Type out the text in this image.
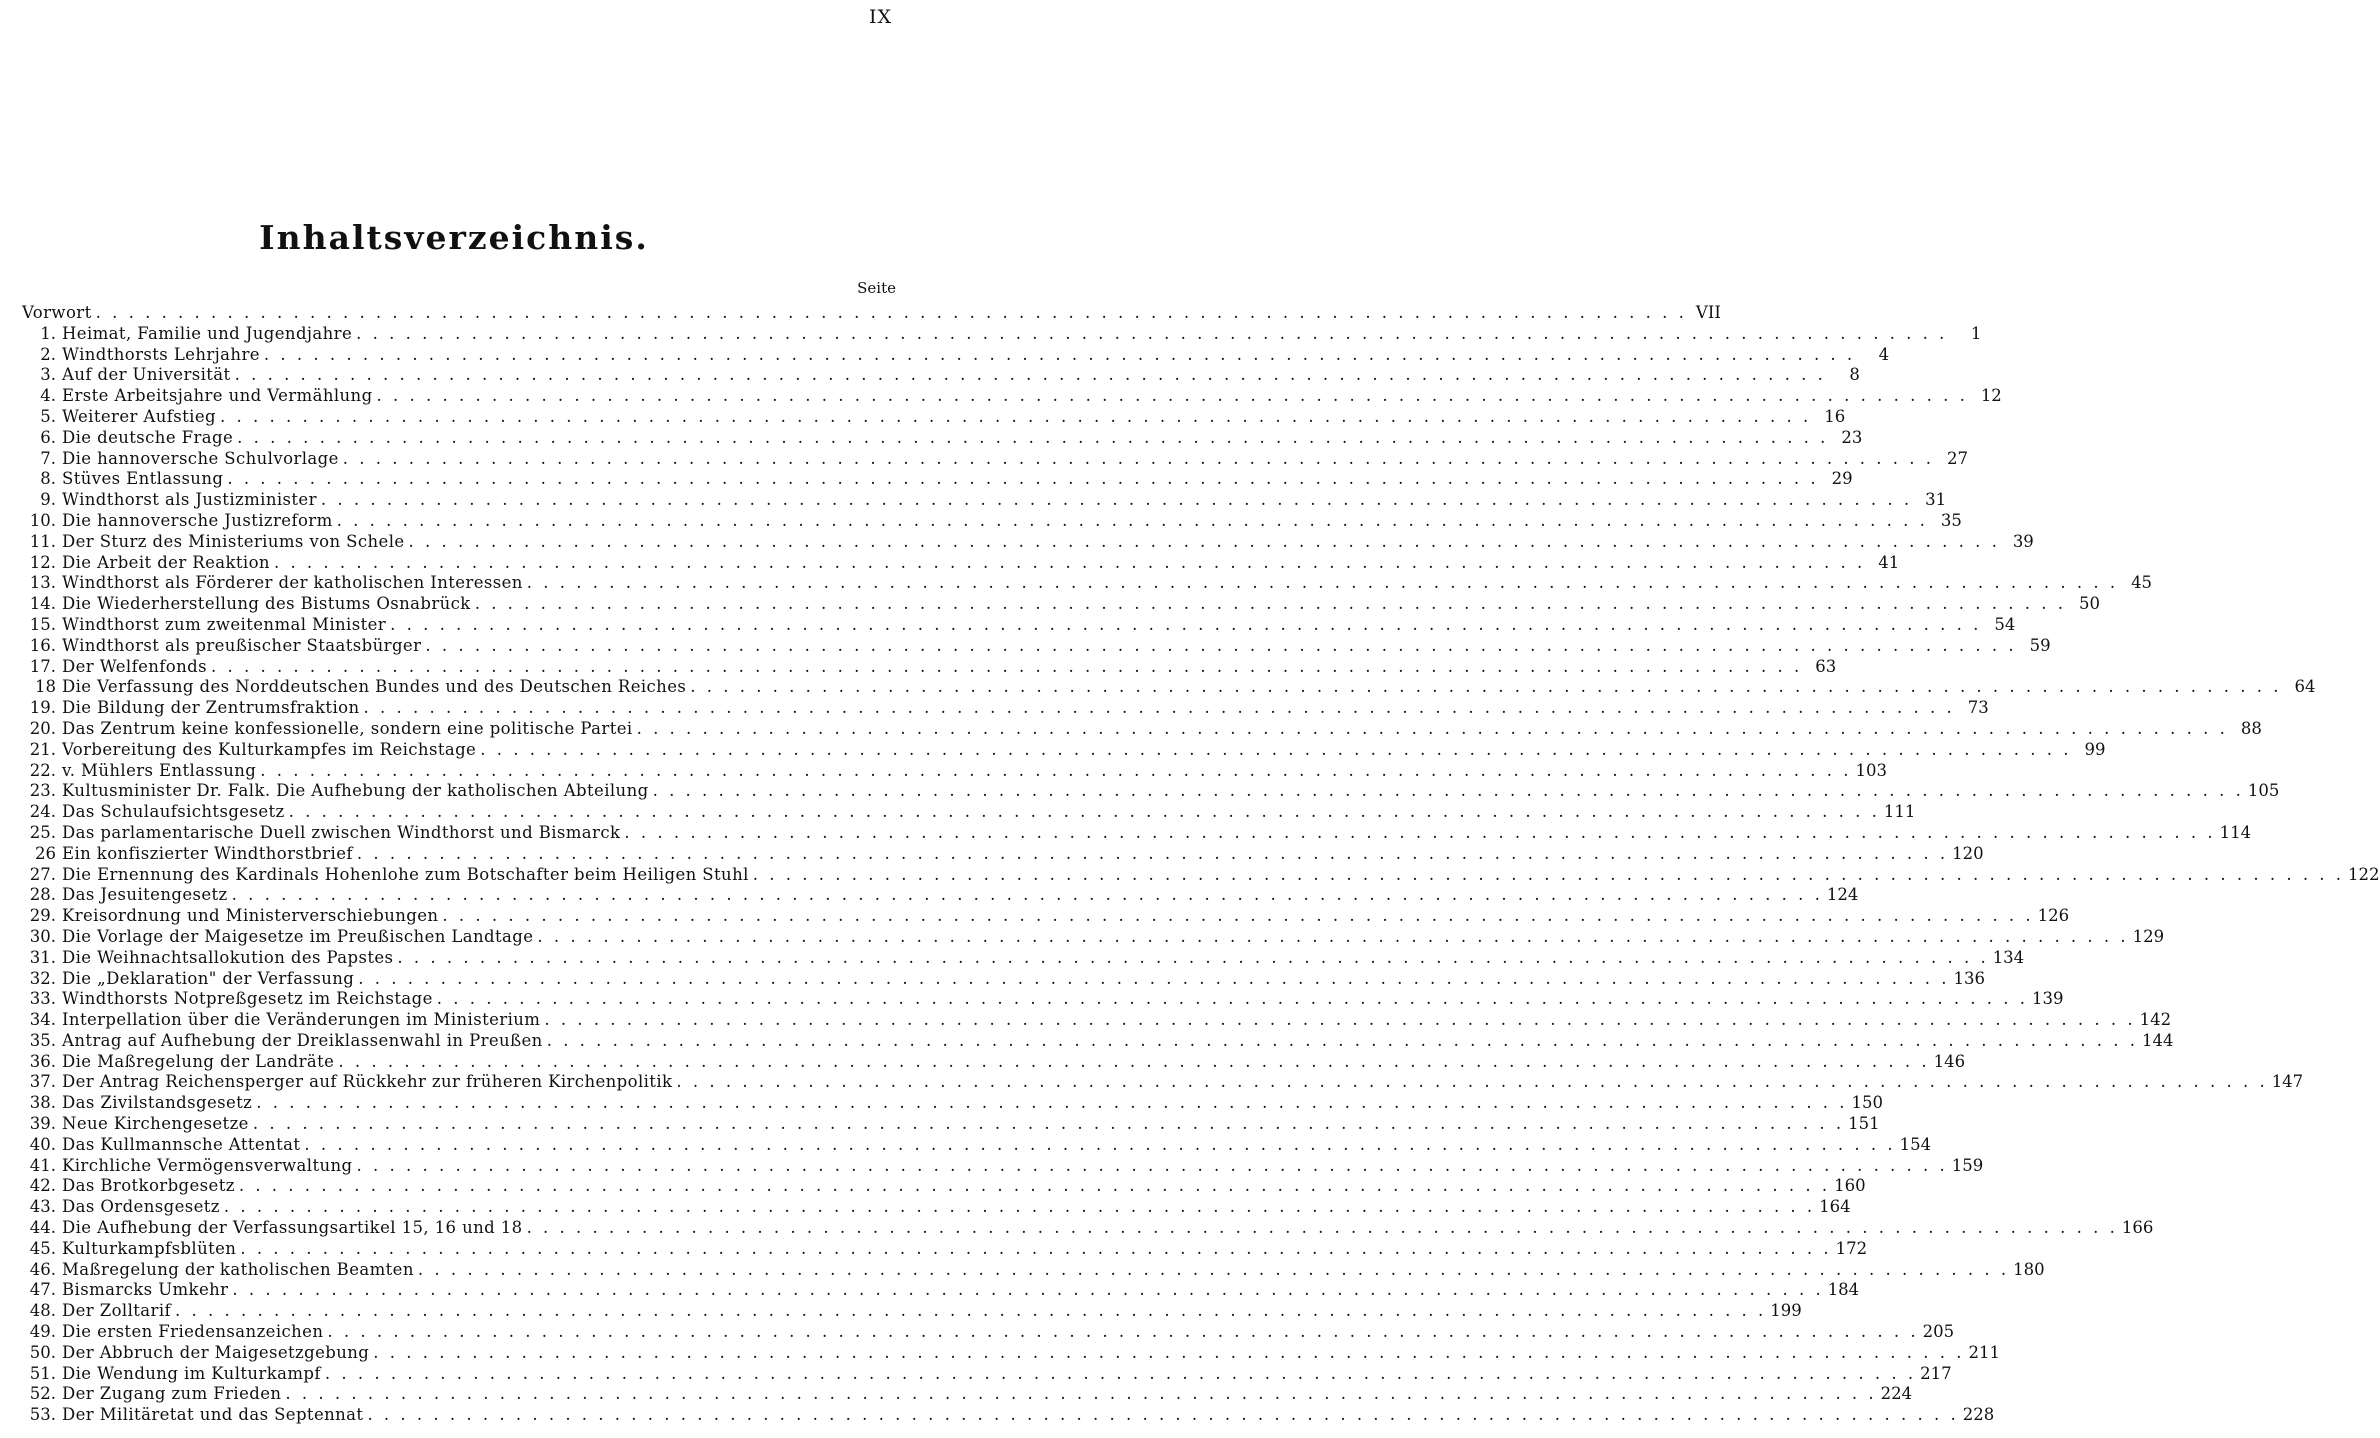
IX
Inhaltsverzeichnis.
Seite
Vorwort . . .	VII
1. Heimat, Familie und Jugendjahre . . .	1
2. Windthorsts Lehrjahre . . .	4
3. Auf der Universität . . .	8
4. Erste Arbeitsjahre und Vermählung . . .	12
5. Weiterer Aufstieg . . .	16
6. Die deutsche Frage . . .	23
7. Die hannoversche Schulvorlage . . .	27
8. Stüves Entlassung . . .	29
9. Windthorst als Justizminister . . .	31
10. Die hannoversche Justizreform . . .	35
11. Der Sturz des Ministeriums von Schele . . .	39
12. Die Arbeit der Reaktion . . .	41
13. Windthorst als Förderer der katholischen Interessen . . .	45
14. Die Wiederherstellung des Bistums Osnabrück . . .	50
15. Windthorst zum zweitenmal Minister . . .	54
16. Windthorst als preußischer Staatsbürger . . .	59
17. Der Welfenfonds . . .	63
18 Die Verfassung des Norddeutschen Bundes und des Deutschen Reiches . . .	64
19. Die Bildung der Zentrumsfraktion . . .	73
20. Das Zentrum keine konfessionelle, sondern eine politische Partei . . .	88
21. Vorbereitung des Kulturkampfes im Reichstage . . .	99
22. v. Mühlers Entlassung . . .	103
23. Kultusminister Dr. Falk. Die Aufhebung der katholischen Abteilung . . .	105
24. Das Schulaufsichtsgesetz . . .	111
25. Das parlamentarische Duell zwischen Windthorst und Bismarck . . .	114
26 Ein konfiszierter Windthorstbrief . . .	120
27. Die Ernennung des Kardinals Hohenlohe zum Botschafter beim Heiligen Stuhl . . .	122
28. Das Jesuitengesetz . . .	124
29. Kreisordnung und Ministerverschiebungen . . .	126
30. Die Vorlage der Maigesetze im Preußischen Landtage . . .	129
31. Die Weihnachtsallokution des Papstes . . .	134
32. Die „Deklaration" der Verfassung . . .	136
33. Windthorsts Notpreßgesetz im Reichstage . . .	139
34. Interpellation über die Veränderungen im Ministerium . . .	142
35. Antrag auf Aufhebung der Dreiklassenwahl in Preußen . . .	144
36. Die Maßregelung der Landräte . . .	146
37. Der Antrag Reichensperger auf Rückkehr zur früheren Kirchenpolitik . . .	147
38. Das Zivilstandsgesetz . . .	150
39. Neue Kirchengesetze . . .	151
40. Das Kullmannsche Attentat . . .	154
41. Kirchliche Vermögensverwaltung . . .	159
42. Das Brotkorbgesetz . . .	160
43. Das Ordensgesetz . . .	164
44. Die Aufhebung der Verfassungsartikel 15, 16 und 18 . . .	166
45. Kulturkampfsblüten . . .	172
46. Maßregelung der katholischen Beamten . . .	180
47. Bismarcks Umkehr . . .	184
48. Der Zolltarif . . .	199
49. Die ersten Friedensanzeichen . . .	205
50. Der Abbruch der Maigesetzgebung . . .	211
51. Die Wendung im Kulturkampf . . .	217
52. Der Zugang zum Frieden . . .	224
53. Der Militäretat und das Septennat . . .	228
